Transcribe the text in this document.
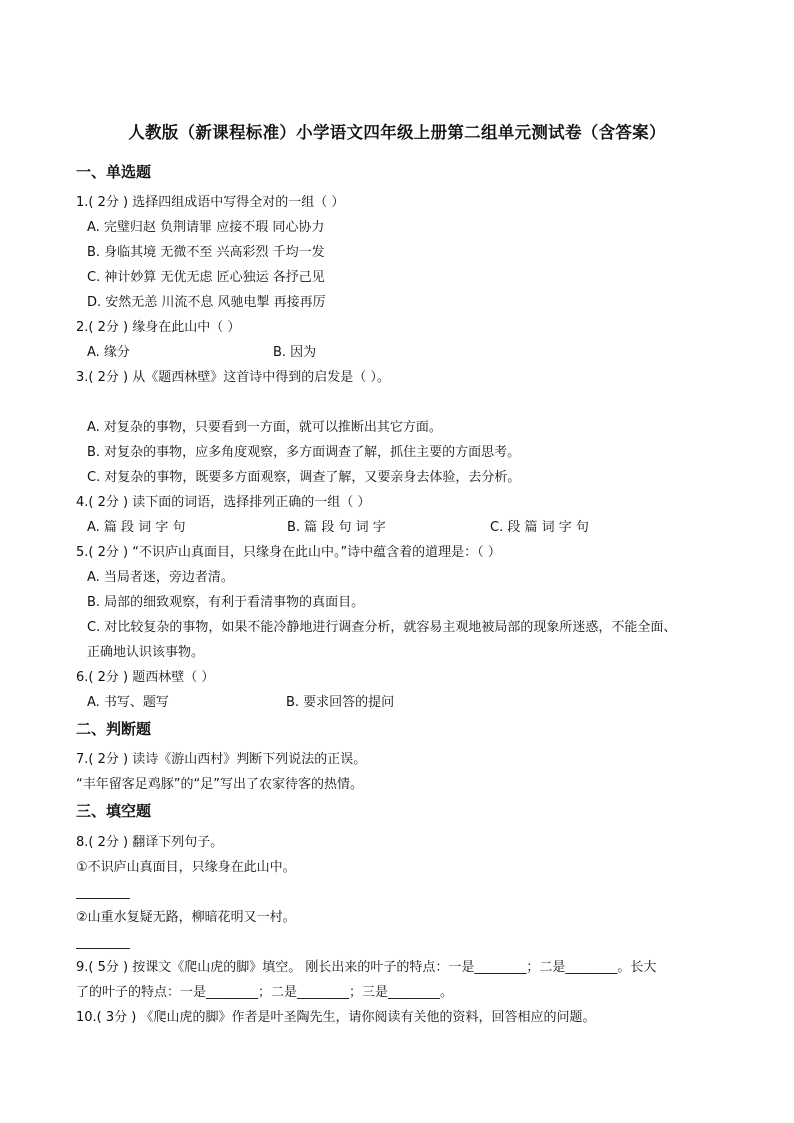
人教版（新课程标准）小学语文四年级上册第二组单元测试卷（含答案）
一、单选题
1.( 2分 ) 选择四组成语中写得全对的一组（ ）
A. 完璧归赵 负荆请罪 应接不瑕 同心协力
B. 身临其境 无微不至 兴高彩烈 千均一发
C. 神计妙算 无优无虑 匠心独运 各抒己见
D. 安然无恙 川流不息 风驰电掣 再接再厉
2.( 2分 ) 缘身在此山中（ ）
A. 缘分	B. 因为
3.( 2分 ) 从《题西林壁》这首诗中得到的启发是（ ）。
A. 对复杂的事物，只要看到一方面，就可以推断出其它方面。
B. 对复杂的事物，应多角度观察，多方面调查了解，抓住主要的方面思考。
C. 对复杂的事物，既要多方面观察，调查了解，又要亲身去体验，去分析。
4.( 2分 ) 读下面的词语，选择排列正确的一组（ ）
A. 篇 段 词 字 句	B. 篇 段 句 词 字	C. 段 篇 词 字 句
5.( 2分 ) “不识庐山真面目，只缘身在此山中。”诗中蕴含着的道理是：（ ）
A. 当局者迷，旁边者清。
B. 局部的细致观察，有利于看清事物的真面目。
C. 对比较复杂的事物，如果不能冷静地进行调查分析，就容易主观地被局部的现象所迷惑，不能全面、
正确地认识该事物。
6.( 2分 ) 题西林壁（ ）
A. 书写、题写	B. 要求回答的提问
二、判断题
7.( 2分 ) 读诗《游山西村》判断下列说法的正误。
“丰年留客足鸡豚”的“足”写出了农家待客的热情。
三、填空题
8.( 2分 ) 翻译下列句子。
①不识庐山真面目，只缘身在此山中。
②山重水复疑无路，柳暗花明又一村。
9.( 5分 ) 按课文《爬山虎的脚》填空。 刚长出来的叶子的特点：一是________；二是________。长大
了的叶子的特点：一是________；二是________；三是________。
10.( 3分 ) 《爬山虎的脚》作者是叶圣陶先生，请你阅读有关他的资料，回答相应的问题。
